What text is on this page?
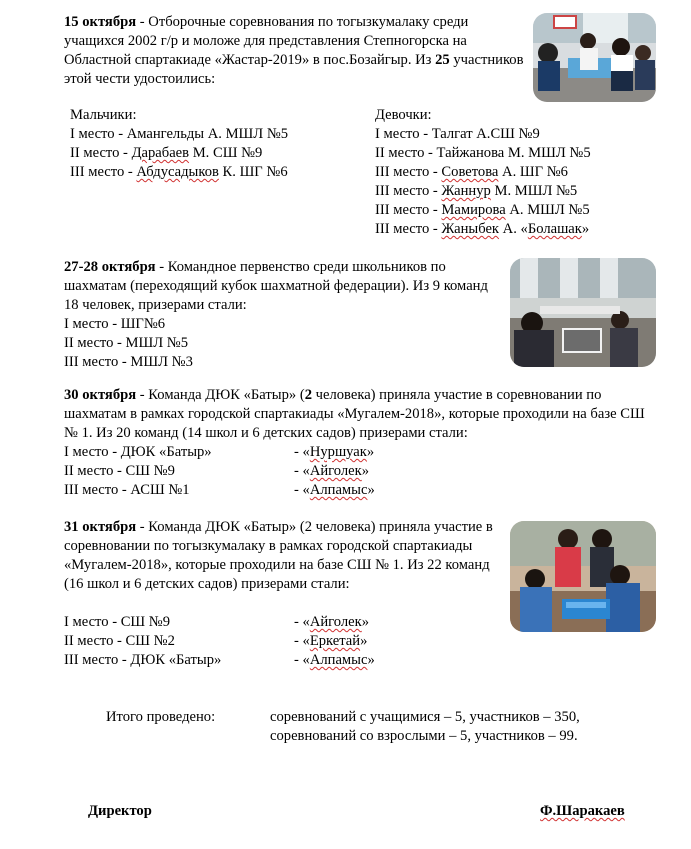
15 октября - Отборочные соревнования по тогызкумалаку среди учащихся 2002 г/р и моложе для представления Степногорска на Областной спартакиаде «Жастар-2019» в пос.Бозайгыр. Из 25 участников этой чести удостоились:

Мальчики:
I место - Амангельды А. МШЛ №5
II место - Дарабаев М. СШ №9
III место - Абдусадыков К. ШГ №6
Девочки:
I место - Талгат А.СШ №9
II место - Тайжанова М. МШЛ №5
III место - Советова А. ШГ №6
III место - Жаннур М. МШЛ №5
III место - Мамирова А. МШЛ №5
III место - Жаныбек А. «Болашак»

27-28 октября - Командное первенство среди школьников по шахматам (переходящий кубок шахматной федерации). Из 9 команд 18 человек, призерами стали:

I место - ШГ№6
II место - МШЛ №5
III место - МШЛ №3

30 октября - Команда ДЮК «Батыр» (2 человека) приняла участие в соревновании по шахматам в рамках городской спартакиады «Мугалем-2018», которые проходили на базе СШ № 1. Из 20 команд (14 школ и 6 детских садов) призерами стали:

I место - ДЮК «Батыр»
II место - СШ №9
III место - АСШ №1
- «Нуршуак»
- «Айголек»
- «Алпамыс»

31 октября - Команда ДЮК «Батыр» (2 человека) приняла участие в соревновании по тогызкумалаку в рамках городской спартакиады «Мугалем-2018», которые проходили на базе СШ № 1. Из 22 команд (16 школ и 6 детских садов) призерами стали:

I место - СШ №9
II место - СШ №2
III место - ДЮК «Батыр»
- «Айголек»
- «Еркетай»
- «Алпамыс»
Итого проведено:	соревнований с учащимися – 5, участников – 350,
соревнований со взрослыми – 5, участников – 99.
Директор	Ф.Шаракаев
